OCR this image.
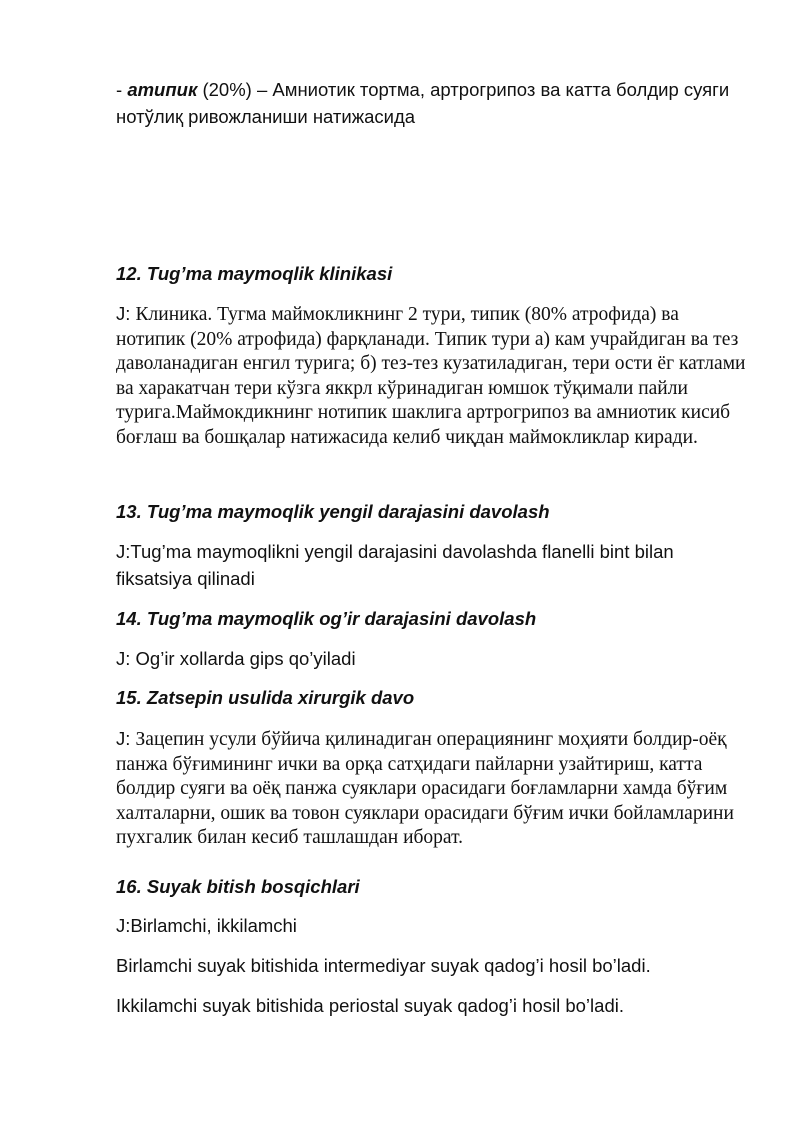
- атипик (20%) – Амниотик тортма, артрогрипоз ва катта болдир суяги нотўлиқ ривожланиши натижасида
12. Tug’ma maymoqlik klinikasi
J: Клиника. Тугма маймокликнинг 2 тури, типик (80% атрофида) ва нотипик (20% атрофида) фарқланади. Типик тури а) кам учрайдиган ва тез
даволанадиган енгил турига; б) тез-тез кузатиладиган, тери ости ёг катлами ва харакатчан тери кўзга яккрл кўринадиган юмшок тўқимали пайли турига.Маймокдикнинг нотипик шаклига артрогрипоз ва амниотик кисиб боғлаш ва бошқалар натижасида келиб чиқдан маймокликлар киради.
13. Tug’ma maymoqlik yengil darajasini davolash
J:Tug’ma maymoqlikni yengil darajasini davolashda flanelli bint bilan fiksatsiya qilinadi
14. Tug’ma maymoqlik og’ir darajasini davolash
J: Og’ir xollarda gips qo’yiladi
15. Zatsepin usulida xirurgik davo
J: Зацепин усули бўйича қилинадиган операциянинг моҳияти болдир-оёқ панжа бўғимининг ички ва орқа сатҳидаги пайларни узайтириш, катта болдир суяги ва оёқ панжа суяклари орасидаги боғламларни хамда бўғим халталарни, ошик ва товон суяклари орасидаги бўғим ички бойламларини пухгалик билан кесиб ташлашдан иборат.
16. Suyak bitish bosqichlari
J:Birlamchi, ikkilamchi
Birlamchi suyak bitishida intermediyar suyak qadog’i hosil bo’ladi.
Ikkilamchi suyak bitishida periostal suyak qadog’i hosil bo’ladi.
